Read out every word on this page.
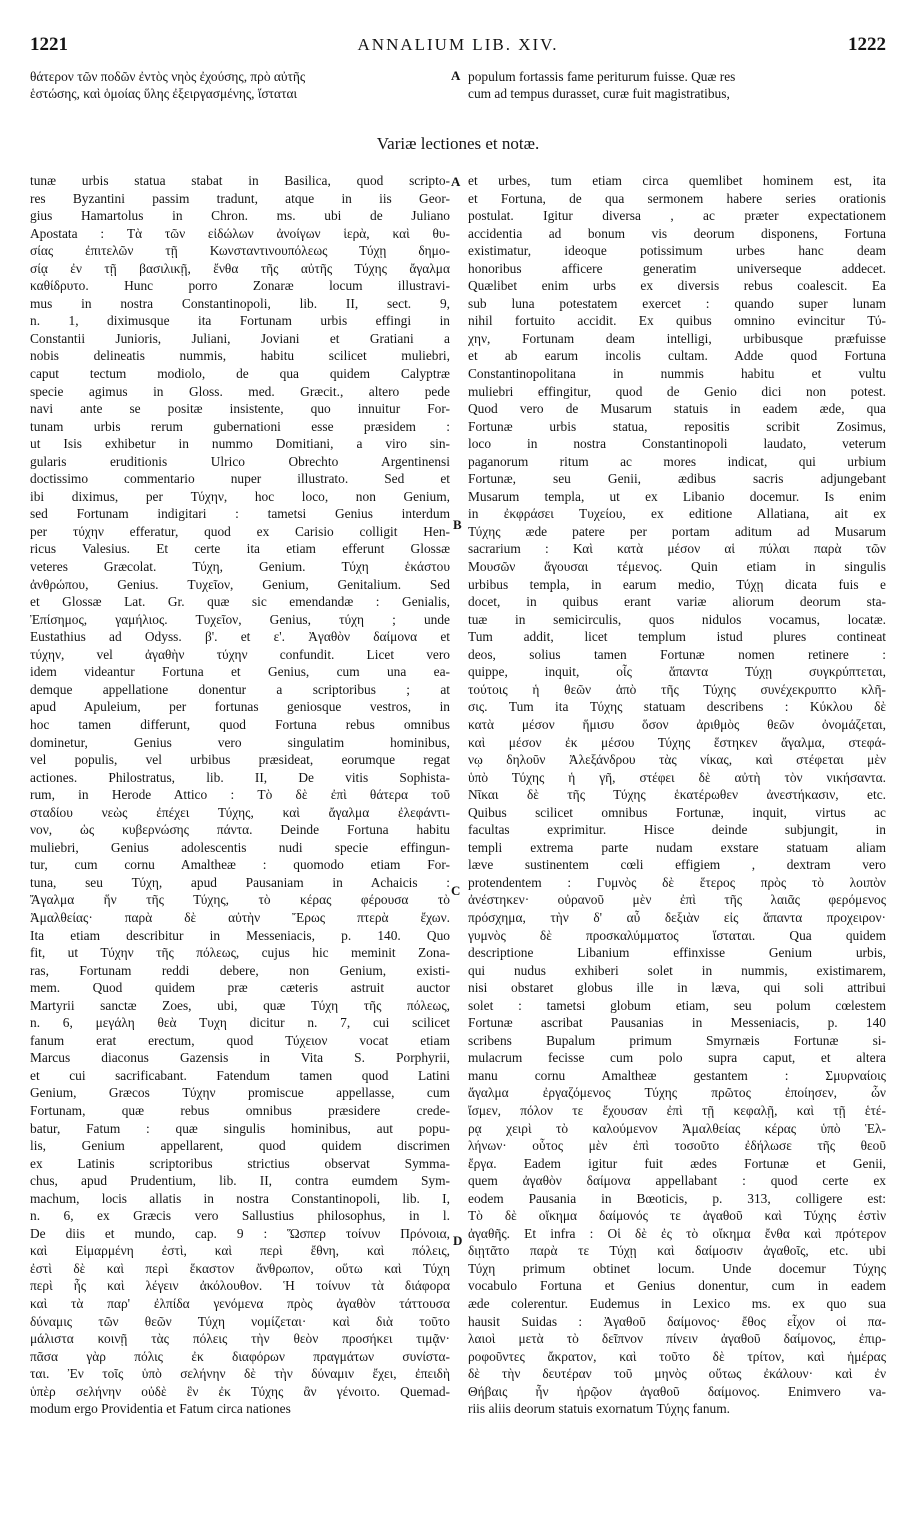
1221	ANNALIUM LIB. XIV.	1222
θάτερον τῶν ποδῶν ἐντὸς νηὸς ἐχούσης, πρὸ αὐτῆς
ἑστώσης, καὶ ὁμοίας ὕλης ἐξειργασμένης, ἵσταται
A populum fortassis fame periturum fuisse. Quæ res
cum ad tempus durasset, curæ fuit magistratibus,
Variæ lectiones et notæ.
tunæ urbis statua stabat in Basilica, quod scripto-
res Byzantini passim tradunt, atque in iis Geor-
gius Hamartolus in Chron. ms. ubi de Juliano
Apostata : Τὰ τῶν εἰδώλων ἀνοίγων ἱερὰ, καὶ θυ-
σίας ἐπιτελῶν τῇ Κωνσταντινουπόλεως Τύχῃ δημο-
σίᾳ ἐν τῇ βασιλικῇ, ἔνθα τῆς αὐτῆς Τύχης ἄγαλμα
καθίδρυτο. Hunc porro Zonaræ locum illustravi-
mus in nostra Constantinopoli, lib. II, sect. 9,
n. 1, diximusque ita Fortunam urbis effingi in
Constantii Junioris, Juliani, Joviani et Gratiani a
nobis delineatis nummis, habitu scilicet muliebri,
caput tectum modiolo, de qua quidem Calyptræ
specie agimus in Gloss. med. Græcit., altero pede
navi ante se positæ insistente, quo innuitur For-
tunam urbis rerum gubernationi esse præsidem :
ut Isis exhibetur in nummo Domitiani, a viro sin-
gularis eruditionis Ulrico Obrechto Argentinensi
doctissimo commentario nuper illustrato. Sed et
ibi diximus, per Τύχην, hoc loco, non Genium,
sed Fortunam indigitari : tametsi Genius interdum
per τύχην efferatur, quod ex Carisio colligit Hen-
ricus Valesius. Et certe ita etiam efferunt Glossæ
veteres Græcolat. Τύχη, Genium. Τύχη ἑκάστου
ἀνθρώπου, Genius. Τυχεῖον, Genium, Genitalium. Sed
et Glossæ Lat. Gr. quæ sic emendandæ : Genialis,
Ἐπίσημος, γαμήλιος. Τυχεῖον, Genius, τύχη ; unde
Eustathius ad Odyss. β'. et ε'. Ἀγαθὸν δαίμονα et
τύχην, vel ἀγαθὴν τύχην confundit. Licet vero
idem videantur Fortuna et Genius, cum una ea-
demque appellatione donentur a scriptoribus ; at
apud Apuleium, per fortunas geniosque vestros, in
hoc tamen differunt, quod Fortuna rebus omnibus
dominetur, Genius vero singulatim hominibus,
vel populis, vel urbibus præsideat, eorumque regat
actiones. Philostratus, lib. II, De vitis Sophista-
rum, in Herode Attico : Τὸ δὲ ἐπὶ θάτερα τοῦ
σταδίου νεὼς ἐπέχει Τύχης, καὶ ἄγαλμα ἐλεφάντι-
νον, ὡς κυβερνώσης πάντα. Deinde Fortuna habitu
muliebri, Genius adolescentis nudi specie effingun-
tur, cum cornu Amaltheæ : quomodo etiam For-
tuna, seu Τύχη, apud Pausaniam in Achaicis :
Ἄγαλμα ἥν τῆς Τύχης, τὸ κέρας φέρουσα τὸ
Ἀμαλθείας· παρὰ δὲ αὐτὴν Ἔρως πτερὰ ἔχων.
Ita etiam describitur in Messeniacis, p. 140. Quo
fit, ut Τύχην τῆς πόλεως, cujus hic meminit Zona-
ras, Fortunam reddi debere, non Genium, existi-
mem. Quod quidem præ cæteris astruit auctor
Martyrii sanctæ Zoes, ubi, quæ Τύχη τῆς πόλεως,
n. 6, μεγάλη θεὰ Τυχη dicitur n. 7, cui scilicet
fanum erat erectum, quod Τύχειον vocat etiam
Marcus diaconus Gazensis in Vita S. Porphyrii,
et cui sacrificabant. Fatendum tamen quod Latini
Genium, Græcos Τύχην promiscue appellasse, cum
Fortunam, quæ rebus omnibus præsidere crede-
batur, Fatum : quæ singulis hominibus, aut popu-
lis, Genium appellarent, quod quidem discrimen
ex Latinis scriptoribus strictius observat Symma-
chus, apud Prudentium, lib. II, contra eumdem Sym-
machum, locis allatis in nostra Constantinopoli, lib. I,
n. 6, ex Græcis vero Sallustius philosophus, in l.
De diis et mundo, cap. 9 : Ὥσπερ τοίνυν Πρόνοια,
καὶ Εἱμαρμένη ἐστὶ, καὶ περὶ ἔθνη, καὶ πόλεις,
ἐστὶ δὲ καὶ περὶ ἕκαστον ἄνθρωπον, οὕτω καὶ Τύχη
περὶ ἧς καὶ λέγειν ἀκόλουθον. Ἡ τοίνυν τὰ διάφορα
καὶ τὰ παρ' ἐλπίδα γενόμενα πρὸς ἀγαθὸν τάττουσα
δύναμις τῶν θεῶν Τύχη νομίζεται· καὶ διὰ τοῦτο
μάλιστα κοινῇ τὰς πόλεις τὴν θεὸν προσήκει τιμᾷν·
πᾶσα γὰρ πόλις ἐκ διαφόρων πραγμάτων συνίστα-
ται. Ἐν τοῖς ὑπὸ σελήνην δὲ τὴν δύναμιν ἔχει, ἐπειδὴ
ὑπὲρ σελήνην οὐδὲ ἓν ἐκ Τύχης ἂν γένοιτο. Quemad-
modum ergo Providentia et Fatum circa nationes
A
B
C
D
et urbes, tum etiam circa quemlibet hominem est, ita
et Fortuna, de qua sermonem habere series orationis
postulat. Igitur diversa , ac præter expectationem
accidentia ad bonum vis deorum disponens, Fortuna
existimatur, ideoque potissimum urbes hanc deam
honoribus afficere generatim universeque addecet.
Quælibet enim urbs ex diversis rebus coalescit. Ea
sub luna potestatem exercet : quando super lunam
nihil fortuito accidit. Ex quibus omnino evincitur Τύ-
χην, Fortunam deam intelligi, urbibusque præfuisse
et ab earum incolis cultam. Adde quod Fortuna
Constantinopolitana in nummis habitu et vultu
muliebri effingitur, quod de Genio dici non potest.
Quod vero de Musarum statuis in eadem æde, qua
Fortunæ urbis statua, repositis scribit Zosimus,
loco in nostra Constantinopoli laudato, veterum
paganorum ritum ac mores indicat, qui urbium
Fortunæ, seu Genii, ædibus sacris adjungebant
Musarum templa, ut ex Libanio docemur. Is enim
in ἐκφράσει Τυχείου, ex editione Allatiana, ait ex
Τύχης æde patere per portam aditum ad Musarum
sacrarium : Καὶ κατὰ μέσον αἱ πύλαι παρὰ τῶν
Μουσῶν ἄγουσαι τέμενος. Quin etiam in singulis
urbibus templa, in earum medio, Τύχῃ dicata fuis e
docet, in quibus erant variæ aliorum deorum sta-
tuæ in semicirculis, quos nidulos vocamus, locatæ.
Tum addit, licet templum istud plures contineat
deos, solius tamen Fortunæ nomen retinere :
quippe, inquit, οἷς ἅπαντα Τύχῃ συγκρύπτεται,
τούτοις ἡ θεῶν ἀπὸ τῆς Τύχης συνέχεκρυπτο κλῆ-
σις. Tum ita Τύχης statuam describens : Κύκλου δὲ
κατὰ μέσον ἥμισυ ὅσον ἀριθμὸς θεῶν ὀνομάζεται,
καὶ μέσον ἐκ μέσου Τύχης ἕστηκεν ἄγαλμα, στεφά-
νῳ δηλοῦν Ἀλεξάνδρου τὰς νίκας, καὶ στέφεται μὲν
ὑπὸ Τύχης ἡ γῆ, στέφει δὲ αὐτὴ τὸν νικήσαντα.
Νῖκαι δὲ τῆς Τύχης ἑκατέρωθεν ἀνεστήκασιν, etc.
Quibus scilicet omnibus Fortunæ, inquit, virtus ac
facultas exprimitur. Hisce deinde subjungit, in
templi extrema parte nudam exstare statuam aliam
læve sustinentem cœli effigiem , dextram vero
protendentem : Γυμνὸς δὲ ἕτερος πρὸς τὸ λοιπὸν
ἀνέστηκεν· οὐρανοῦ μὲν ἐπὶ τῆς λαιᾶς φερόμενος
πρόσχημα, τὴν δ' αὖ δεξιὰν εἰς ἅπαντα προχειρον·
γυμνὸς δὲ προσκαλύμματος ἵσταται. Qua quidem
descriptione Libanium effinxisse Genium urbis,
qui nudus exhiberi solet in nummis, existimarem,
nisi obstaret globus ille in læva, qui soli attribui
solet : tametsi globum etiam, seu polum cœlestem
Fortunæ ascribat Pausanias in Messeniacis, p. 140
scribens Bupalum primum Smyrnæis Fortunæ si-
mulacrum fecisse cum polo supra caput, et altera
manu cornu Amaltheæ gestantem : Σμυρναίοις
ἄγαλμα ἐργαζόμενος Τύχης πρῶτος ἐποίησεν, ὧν
ἴσμεν, πόλον τε ἔχουσαν ἐπὶ τῇ κεφαλῇ, καὶ τῇ ἑτέ-
ρᾳ χειρὶ τὸ καλούμενον Ἀμαλθείας κέρας ὑπὸ Ἑλ-
λήνων· οὗτος μὲν ἐπὶ τοσοῦτο ἐδήλωσε τῆς θεοῦ
ἔργα. Eadem igitur fuit ædes Fortunæ et Genii,
quem ἀγαθὸν δαίμονα appellabant : quod certe ex
eodem Pausania in Bœoticis, p. 313, colligere est:
Τὸ δὲ οἴκημα δαίμονός τε ἀγαθοῦ καὶ Τύχης ἐστὶν
ἀγαθῆς. Et infra : Οἱ δὲ ἐς τὸ οἴκημα ἔνθα καὶ πρότερον
διῃτᾶτο παρὰ τε Τύχῃ καὶ δαίμοσιν ἀγαθοῖς, etc. ubi
Τύχη primum obtinet locum. Unde docemur Τύχης
vocabulo Fortuna et Genius donentur, cum in eadem
æde colerentur. Eudemus in Lexico ms. ex quo sua
hausit Suidas : Ἀγαθοῦ δαίμονος· ἔθος εἶχον οἱ πα-
λαιοὶ μετὰ τὸ δεῖπνον πίνειν ἀγαθοῦ δαίμονος, ἐπιρ-
ροφοῦντες ἄκρατον, καὶ τοῦτο δὲ τρίτον, καὶ ἡμέρας
δὲ τὴν δευτέραν τοῦ μηνὸς οὕτως ἐκάλουν· καὶ ἐν
Θήβαις ἦν ἡρῷον ἀγαθοῦ δαίμονος. Enimvero va-
riis aliis deorum statuis exornatum Τύχης fanum.
